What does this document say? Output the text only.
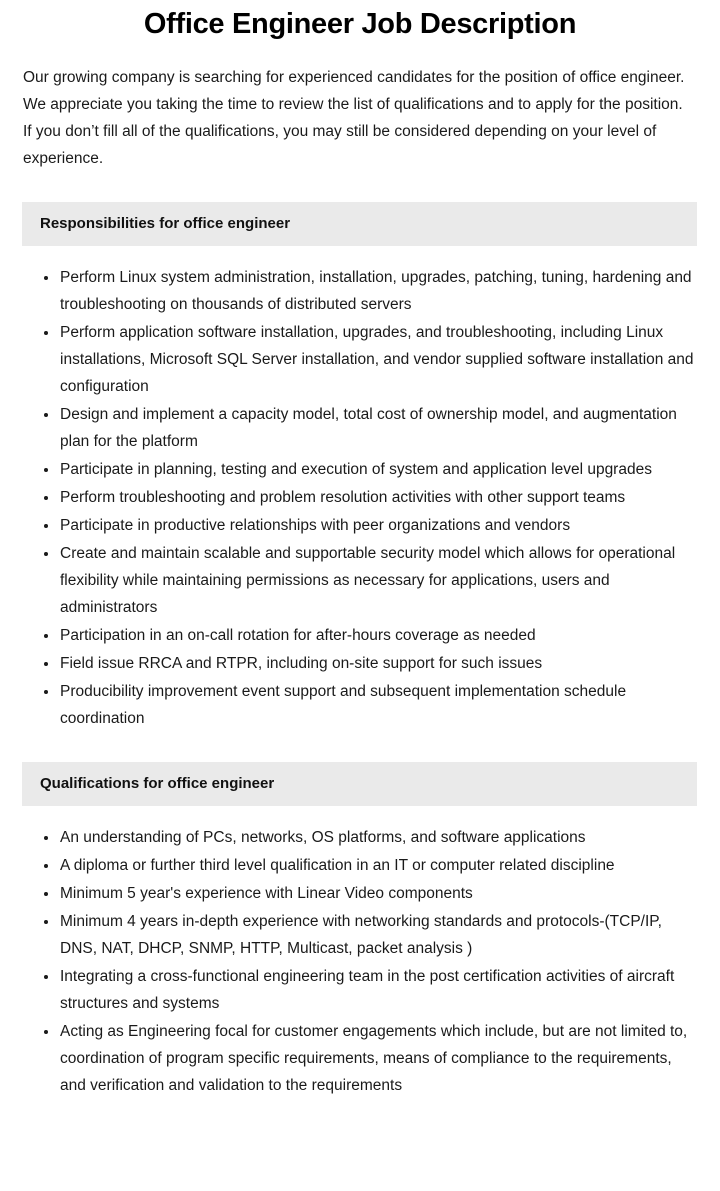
Office Engineer Job Description

Our growing company is searching for experienced candidates for the position of office engineer. We appreciate you taking the time to review the list of qualifications and to apply for the position. If you don’t fill all of the qualifications, you may still be considered depending on your level of experience.

Responsibilities for office engineer
Perform Linux system administration, installation, upgrades, patching, tuning, hardening and troubleshooting on thousands of distributed servers
Perform application software installation, upgrades, and troubleshooting, including Linux installations, Microsoft SQL Server installation, and vendor supplied software installation and configuration
Design and implement a capacity model, total cost of ownership model, and augmentation plan for the platform
Participate in planning, testing and execution of system and application level upgrades
Perform troubleshooting and problem resolution activities with other support teams
Participate in productive relationships with peer organizations and vendors
Create and maintain scalable and supportable security model which allows for operational flexibility while maintaining permissions as necessary for applications, users and administrators
Participation in an on-call rotation for after-hours coverage as needed
Field issue RRCA and RTPR, including on-site support for such issues
Producibility improvement event support and subsequent implementation schedule coordination
Qualifications for office engineer
An understanding of PCs, networks, OS platforms, and software applications
A diploma or further third level qualification in an IT or computer related discipline
Minimum 5 year's experience with Linear Video components
Minimum 4 years in-depth experience with networking standards and protocols-(TCP/IP, DNS, NAT, DHCP, SNMP, HTTP, Multicast, packet analysis )
Integrating a cross-functional engineering team in the post certification activities of aircraft structures and systems
Acting as Engineering focal for customer engagements which include, but are not limited to, coordination of program specific requirements, means of compliance to the requirements, and verification and validation to the requirements
